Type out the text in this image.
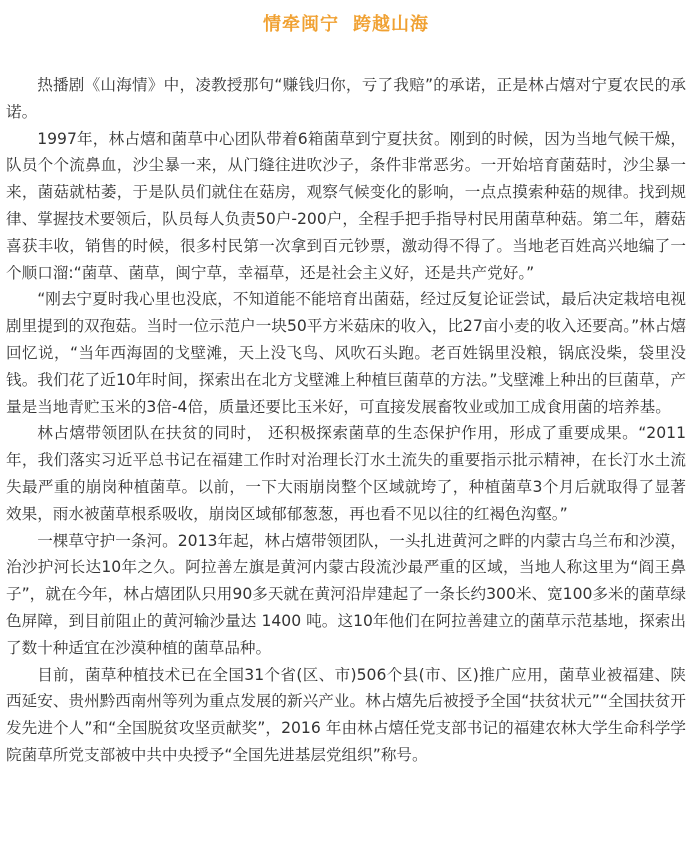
情牵闽宁 跨越山海

热播剧《山海情》中，凌教授那句“赚钱归你，亏了我赔”的承诺，正是林占熺对宁夏农民的承诺。

1997年，林占熺和菌草中心团队带着6箱菌草到宁夏扶贫。刚到的时候，因为当地气候干燥，队员个个流鼻血，沙尘暴一来，从门缝往进吹沙子，条件非常恶劣。一开始培育菌菇时，沙尘暴一来，菌菇就枯萎，于是队员们就住在菇房，观察气候变化的影响，一点点摸索种菇的规律。找到规律、掌握技术要领后，队员每人负责50户-200户，全程手把手指导村民用菌草种菇。第二年，蘑菇喜获丰收，销售的时候，很多村民第一次拿到百元钞票，激动得不得了。当地老百姓高兴地编了一个顺口溜:“菌草、菌草，闽宁草，幸福草，还是社会主义好，还是共产党好。”

“刚去宁夏时我心里也没底，不知道能不能培育出菌菇，经过反复论证尝试，最后决定栽培电视剧里提到的双孢菇。当时一位示范户一块50平方米菇床的收入，比27亩小麦的收入还要高。”林占熺回忆说，“当年西海固的戈壁滩，天上没飞鸟、风吹石头跑。老百姓锅里没粮，锅底没柴，袋里没钱。我们花了近10年时间，探索出在北方戈壁滩上种植巨菌草的方法。”戈壁滩上种出的巨菌草，产量是当地青贮玉米的3倍-4倍，质量还要比玉米好，可直接发展畜牧业或加工成食用菌的培养基。

林占熺带领团队在扶贫的同时， 还积极探索菌草的生态保护作用，形成了重要成果。“2011年，我们落实习近平总书记在福建工作时对治理长汀水土流失的重要指示批示精神，在长汀水土流失最严重的崩岗种植菌草。以前，一下大雨崩岗整个区域就垮了，种植菌草3个月后就取得了显著效果，雨水被菌草根系吸收，崩岗区域郁郁葱葱，再也看不见以往的红褐色沟壑。”

一棵草守护一条河。2013年起，林占熺带领团队，一头扎进黄河之畔的内蒙古乌兰布和沙漠，治沙护河长达10年之久。阿拉善左旗是黄河内蒙古段流沙最严重的区域，当地人称这里为“阎王鼻子”，就在今年，林占熺团队只用90多天就在黄河沿岸建起了一条长约300米、宽100多米的菌草绿色屏障，到目前阻止的黄河输沙量达 1400 吨。这10年他们在阿拉善建立的菌草示范基地，探索出了数十种适宜在沙漠种植的菌草品种。

目前，菌草种植技术已在全国31个省(区、市)506个县(市、区)推广应用，菌草业被福建、陕西延安、贵州黔西南州等列为重点发展的新兴产业。林占熺先后被授予全国“扶贫状元”“全国扶贫开发先进个人”和“全国脱贫攻坚贡献奖”，2016 年由林占熺任党支部书记的福建农林大学生命科学学院菌草所党支部被中共中央授予“全国先进基层党组织”称号。
